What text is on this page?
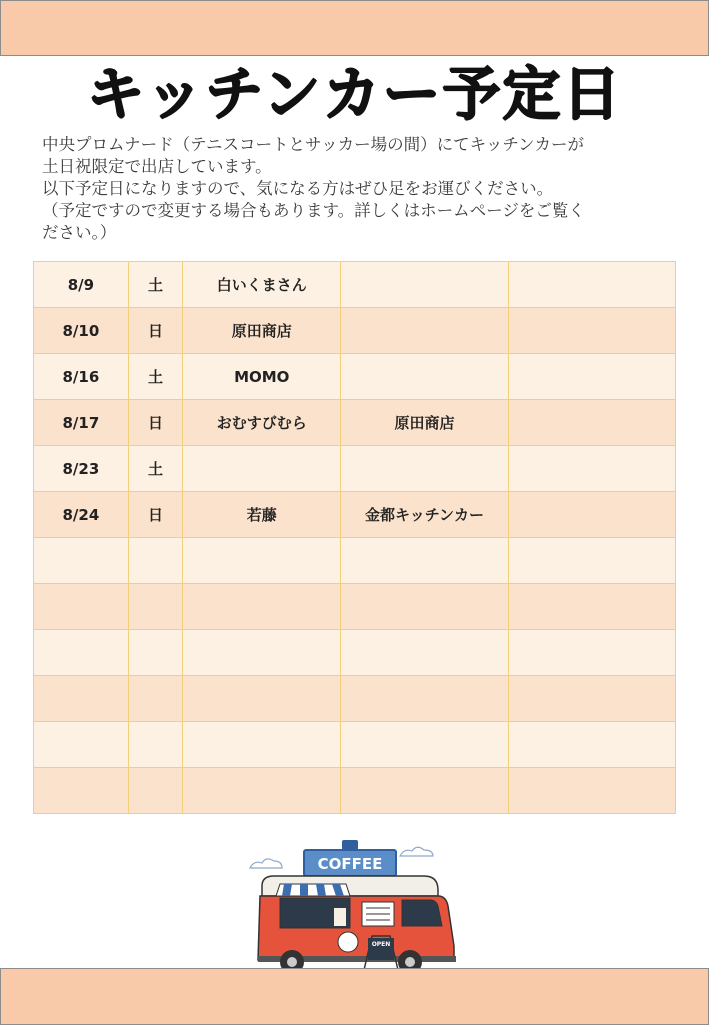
キッチンカー予定日

中央プロムナード（テニスコートとサッカー場の間）にてキッチンカーが

土日祝限定で出店しています。

以下予定日になりますので、気になる方はぜひ足をお運びください。

（予定ですので変更する場合もあります。詳しくはホームページをご覧く

ださい。）

8/9	土	白いくまさん		
8/10	日	原田商店		
8/16	土	MOMO		
8/17	日	おむすびむら	原田商店	
8/23	土			
8/24	日	若藤	金都キッチンカー	

COFFEE
OPEN
